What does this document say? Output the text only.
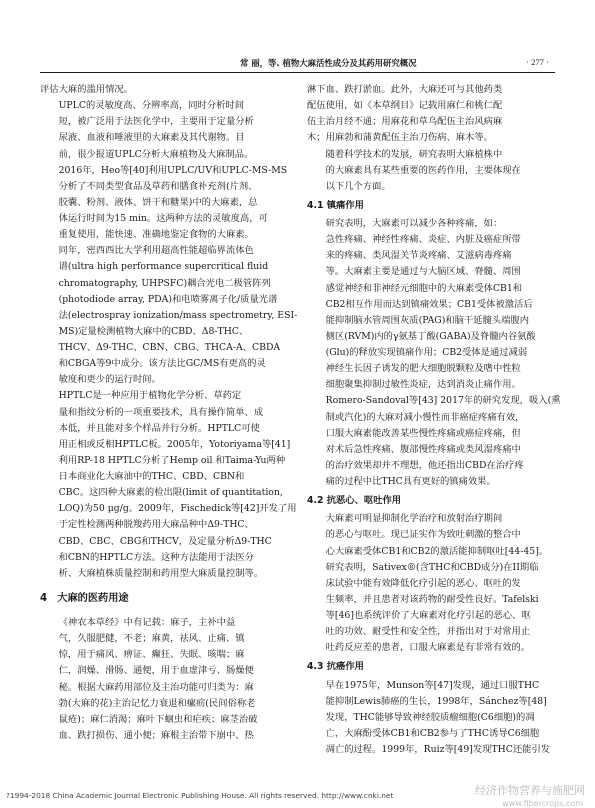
常 丽，等. 植物大麻活性成分及其药用研究概况	· 277 ·

评估大麻的滥用情况。

UPLC的灵敏度高、分辨率高，同时分析时间
短，被广泛用于法医化学中，主要用于定量分析
尿液、血液和唾液里的大麻素及其代谢物。目
前，很少报道UPLC分析大麻植物及大麻制品。
2016年，Heo等[40]利用UPLC/UV和UPLC-MS-MS
分析了不同类型食品及草药和膳食补充剂(片剂、
胶囊、粉剂、液体、饼干和糖果)中的大麻素，总
体运行时间为15 min。这两种方法的灵敏度高，可
重复使用，能快速、准确地鉴定食物的大麻素。
同年，密西西比大学利用超高性能超临界流体色
谱(ultra high performance supercritical fluid
chromatography, UHPSFC)耦合光电二极管阵列
(photodiode array, PDA)和电喷雾离子化/质量光谱
法(electrospray ionization/mass spectrometry, ESI-
MS)定量检测植物大麻中的CBD、Δ8-THC、
THCV、Δ9-THC、CBN、CBG、THCA-A、CBDA
和CBGA等9中成分。该方法比GC/MS有更高的灵
敏度和更少的运行时间。

HPTLC是一种应用于植物化学分析、草药定
量和指纹分析的一项重要技术，具有操作简单、成
本低，并且能对多个样品并行分析。HPTLC可使
用正相或反相HPTLC板。2005年，Yotoriyama等[41]
利用RP-18 HPTLC分析了Hemp oil 和Taima-Yu两种
日本商业化大麻油中的THC、CBD、CBN和
CBC。这四种大麻素的检出限(limit of quantitation,
LOQ)为50 μg/g。2009年，Fischedick等[42]开发了用
于定性检测两种脱羧药用大麻品种中Δ9-THC、
CBD、CBC、CBG和THCV，及定量分析Δ9-THC
和CBN的HPTLC方法。这种方法能用于法医分
析、大麻植株质量控制和药用型大麻质量控制等。

4　大麻的医药用途

《神农本草经》中有记载：麻子，主补中益
气，久服肥健，不老；麻黄，祛风、止痛、镇
惊，用于痛风、痹证、癫狂、失眠、咳喘；麻
仁，润燥、滑肠、通便，用于血虚津亏、肠燥便
秘。根据大麻药用部位及主治功能可归类为：麻
勃(大麻的花)主治记忆力衰退和瘰疬(民间俗称老
鼠疮)；麻仁消渴；麻叶下蛔虫和疟疾；麻茎治破
血、跌打损伤、通小便；麻根主治带下崩中、热

淋下血、跌打淤血。此外，大麻还可与其他药类
配伍使用，如《本草纲目》记载用麻仁和桃仁配
伍主治月经不通；用麻花和草乌配伍主治风病麻
木；用麻勃和蒲黄配伍主治刀伤病、麻木等。

随着科学技术的发展，研究表明大麻植株中
的大麻素具有某些重要的医药作用，主要体现在
以下几个方面。

4.1 镇痛作用

研究表明，大麻素可以减少各种疼痛，如：
急性疼痛、神经性疼痛、炎症、内脏及癌症所带
来的疼痛、类风湿关节炎疼痛、艾滋病毒疼痛
等。大麻素主要是通过与大脑区域、脊髓、周围
感觉神经和非神经元细胞中的大麻素受体CB1和
CB2相互作用而达到镇痛效果；CB1受体被激活后
能抑制脑水管周围灰质(PAG)和脑干延髓头端腹内
侧区(RVM)内的γ氨基丁酸(GABA)及脊髓内谷氨酸
(Glu)的释放实现镇痛作用；CB2受体是通过减弱
神经生长因子诱发的肥大细胞脱颗粒及嗜中性粒
细胞聚集抑制过敏性炎症，达到消炎止痛作用。
Romero-Sandoval等[43] 2017年的研究发现，吸入(熏
制或汽化)的大麻对减小慢性而非癌症疼痛有效，
口服大麻素能改善某些慢性疼痛或癌症疼痛，但
对术后急性疼痛、腹部慢性疼痛或类风湿疼痛中
的治疗效果却并不理想，他还指出CBD在治疗疼
痛的过程中比THC具有更好的镇痛效果。

4.2 抗恶心、呕吐作用

大麻素可明显抑制化学治疗和放射治疗期间
的恶心与呕吐。现已证实作为致吐刺激的整合中
心大麻素受体CB1和CB2的激活能抑制呕吐[44-45]。
研究表明，Sativex®(含THC和CBD成分)在II期临
床试验中能有效降低化疗引起的恶心、呕吐的发
生频率，并且患者对该药物的耐受性良好。Tafelski
等[46]也系统评价了大麻素对化疗引起的恶心、呕
吐的功效、耐受性和安全性，并指出对于对常用止
吐药反应差的患者，口服大麻素是有非常有效的。

4.3 抗癌作用

早在1975年，Munson等[47]发现，通过口服THC
能抑制Lewis肺癌的生长，1998年，Sánchez等[48]
发现，THC能够导致神经胶质瘤细胞(C6细胞)的凋
亡，大麻酚受体CB1和CB2参与了THC诱导C6细胞
凋亡的过程。1999年，Ruiz等[49]发现THC还能引发

?1994-2018 China Academic Journal Electronic Publishing House. All rights reserved. http://www.cnki.net	经济作物营养与施肥网
www.fibercrops.com
